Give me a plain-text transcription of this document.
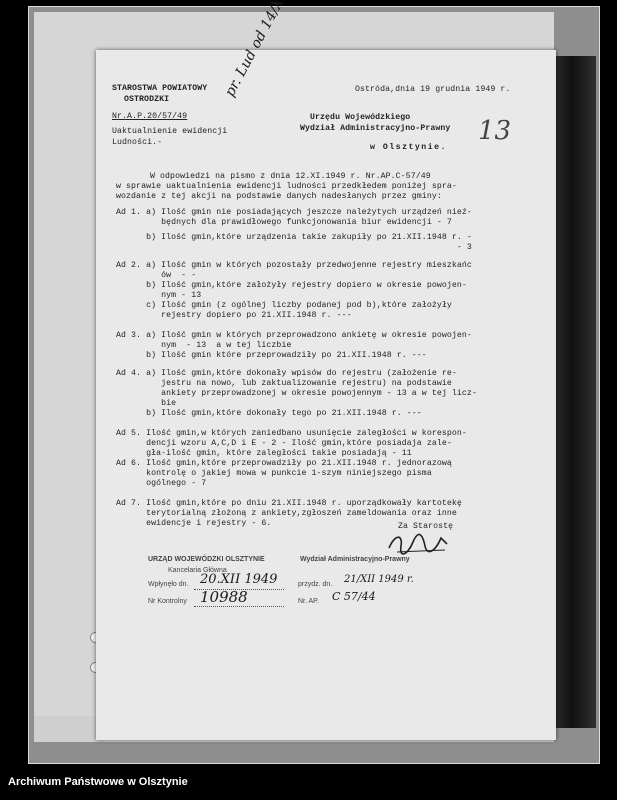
STAROSTWA POWIATOWY
OSTRODZKI
Nr.A.P.20/57/49
Ostróda,dnia 19 grudnia 1949 r.
Urzędu Wojewódzkiego
Wydział Administracyjno-Prawny
w Olsztynie.
Uaktualnienie ewidencji
Ludności.-	13
W odpowiedzi na pismo z dnia 12.XI.1949 r. Nr.AP.C-57/49
w sprawie uaktualnienia ewidencji ludności przedkłedem poniżej spra-
wozdanie z tej akcji na podstawie danych nadesłanych przez gminy:
Ad 1. a) Ilość gmin nie posiadających jeszcze należytych urządzeń nieź-
będnych dla prawidłowego funkcjonowania biur ewidencji - 7
b) Ilość gmin,które urządzenia takie zakupiły po 21.XII.1948 r. -
- 3
Ad 2. a) Ilość gmin w których pozostały przedwojenne rejestry mieszkańc
ów  - -
b) Ilość gmin,które założyły rejestry dopiero w okresie powojen-
nym - 13
c) Ilość gmin (z ogólnej liczby podanej pod b),które założyły
rejestry dopiero po 21.XII.1948 r. ---
Ad 3. a) Ilość gmin w których przeprowadzono ankietę w okresie powojen-
nym  - 13  a w tej liczbie
b) Ilość gmin które przeprowadziły po 21.XII.1948 r. ---
Ad 4. a) Ilość gmin,które dokonały wpisów do rejestru (założenie re-
jestru na nowo, lub zaktualizowanie rejestru) na podstawie
ankiety przeprowadzonej w okresie powojennym - 13 a w tej licz-
bie
b) Ilość gmin,które dokonały tego po 21.XII.1948 r. ---
Ad 5. Ilość gmin,w których zaniedbano usunięcie zaległości w korespon-
dencji wzoru A,C,D i E - 2 - Ilość gmin,które posiadaja zale-
gła-ilość gmin, które zaległości takie posiadają - 11
Ad 6. Ilość gmin,które przeprowadziły po 21.XII.1948 r. jednorazową
kontrolę o jakiej mowa w punkcie 1-szym niniejszego pisma
ogólnego - 7
Ad 7. Ilość gmin,które po dniu 21.XII.1948 r. uporządkowały kartotekę
terytorialną złożoną z ankiety,zgłoszeń zameldowania oraz inne
ewidencje i rejestry - 6.	Za Starostę
URZĄD WOJEWÓDZKI OLSZTYNIE	Wydział Administracyjno-Prawny
Kancelaria Główna
Wpłynęło dn. 20.XII 1949
Nr Kontrolny 10988
przydz. dn. 21/XII 1949 r.
Nr. AP. C 57/44
Archiwum Państwowe w Olsztynie
